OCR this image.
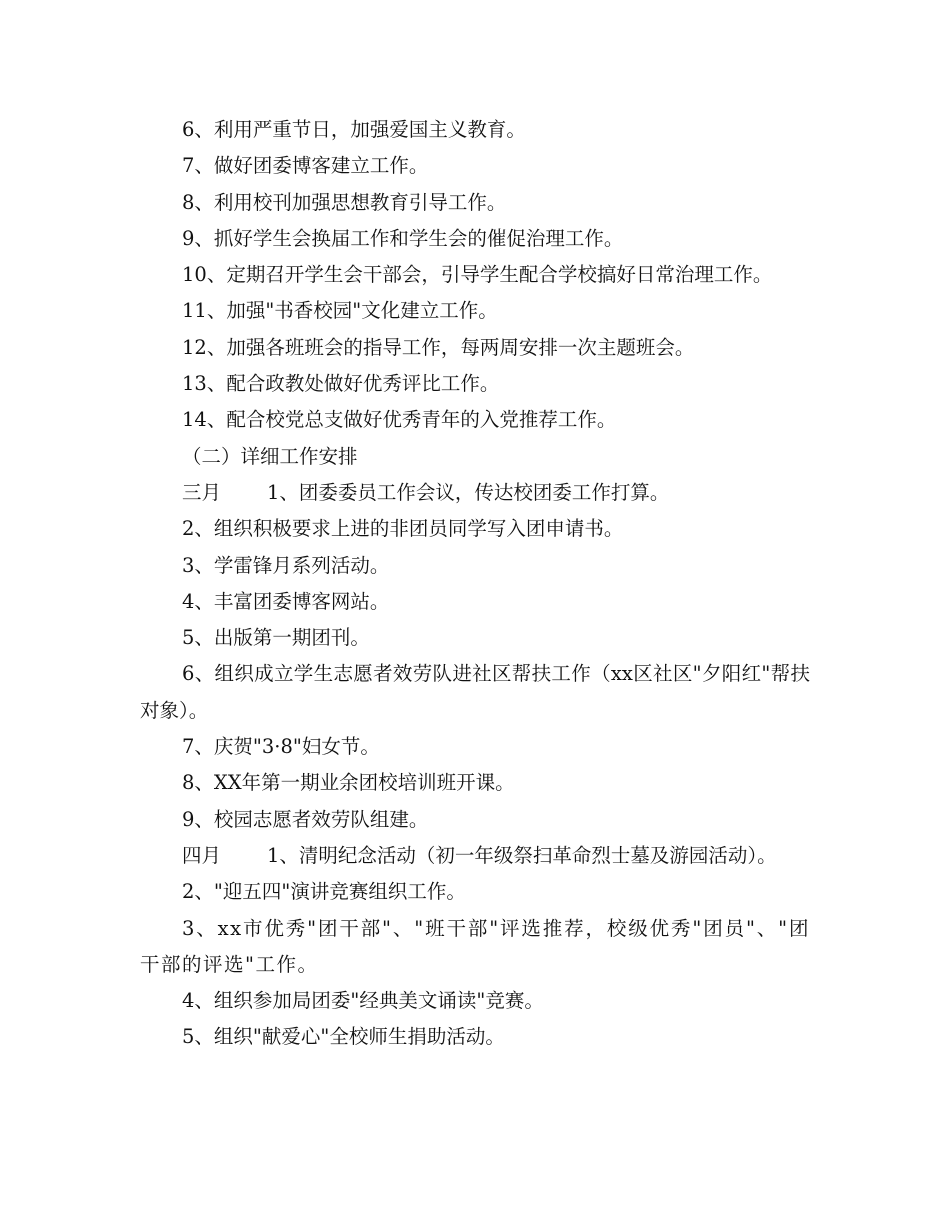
6、利用严重节日，加强爱国主义教育。

7、做好团委博客建立工作。

8、利用校刊加强思想教育引导工作。

9、抓好学生会换届工作和学生会的催促治理工作。

10、定期召开学生会干部会，引导学生配合学校搞好日常治理工作。

11、加强"书香校园"文化建立工作。

12、加强各班班会的指导工作，每两周安排一次主题班会。

13、配合政教处做好优秀评比工作。

14、配合校党总支做好优秀青年的入党推荐工作。

（二）详细工作安排

三月 1、团委委员工作会议，传达校团委工作打算。

2、组织积极要求上进的非团员同学写入团申请书。

3、学雷锋月系列活动。

4、丰富团委博客网站。

5、出版第一期团刊。

6、组织成立学生志愿者效劳队进社区帮扶工作（xx区社区"夕阳红"帮扶对象）。

7、庆贺"3·8"妇女节。

8、XX年第一期业余团校培训班开课。

9、校园志愿者效劳队组建。

四月 1、清明纪念活动（初一年级祭扫革命烈士墓及游园活动）。

2、"迎五四"演讲竞赛组织工作。

3、xx市优秀"团干部"、"班干部"评选推荐，校级优秀"团员"、"团干部的评选"工作。

4、组织参加局团委"经典美文诵读"竞赛。

5、组织"献爱心"全校师生捐助活动。
